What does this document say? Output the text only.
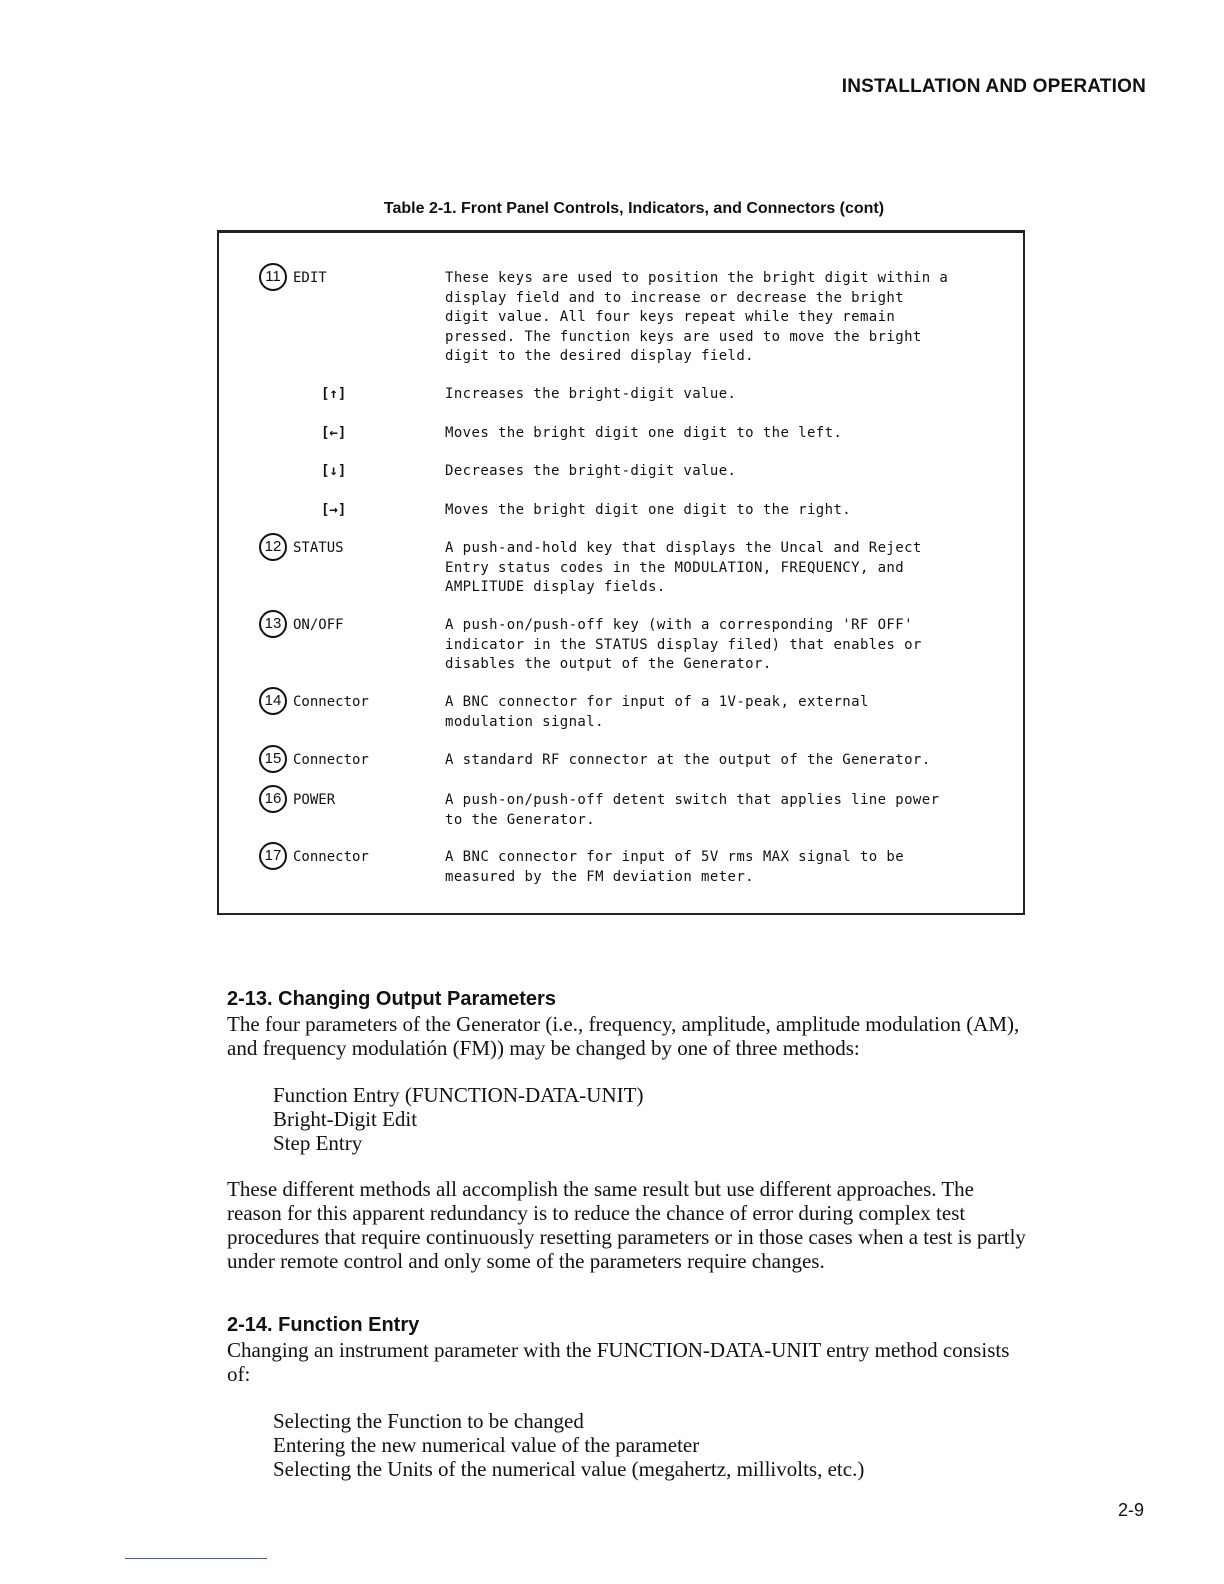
INSTALLATION AND OPERATION
Table 2-1. Front Panel Controls, Indicators, and Connectors (cont)
11 EDIT	These keys are used to position the bright digit within a
display field and to increase or decrease the bright
digit value. All four keys repeat while they remain
pressed. The function keys are used to move the bright
digit to the desired display field.
[↑]	Increases the bright-digit value.
[←]	Moves the bright digit one digit to the left.
[↓]	Decreases the bright-digit value.
[→]	Moves the bright digit one digit to the right.
12 STATUS	A push-and-hold key that displays the Uncal and Reject
Entry status codes in the MODULATION, FREQUENCY, and
AMPLITUDE display fields.
13 ON/OFF	A push-on/push-off key (with a corresponding 'RF OFF'
indicator in the STATUS display filed) that enables or
disables the output of the Generator.
14 Connector	A BNC connector for input of a 1V-peak, external
modulation signal.
15 Connector	A standard RF connector at the output of the Generator.
16 POWER	A push-on/push-off detent switch that applies line power
to the Generator.
17 Connector	A BNC connector for input of 5V rms MAX signal to be
measured by the FM deviation meter.
2-13. Changing Output Parameters
The four parameters of the Generator (i.e., frequency, amplitude, amplitude modulation (AM), and frequency modulatión (FM)) may be changed by one of three methods:
Function Entry (FUNCTION-DATA-UNIT)
Bright-Digit Edit
Step Entry
These different methods all accomplish the same result but use different approaches. The reason for this apparent redundancy is to reduce the chance of error during complex test procedures that require continuously resetting parameters or in those cases when a test is partly under remote control and only some of the parameters require changes.
2-14. Function Entry
Changing an instrument parameter with the FUNCTION-DATA-UNIT entry method consists of:
Selecting the Function to be changed
Entering the new numerical value of the parameter
Selecting the Units of the numerical value (megahertz, millivolts, etc.)
2-9
